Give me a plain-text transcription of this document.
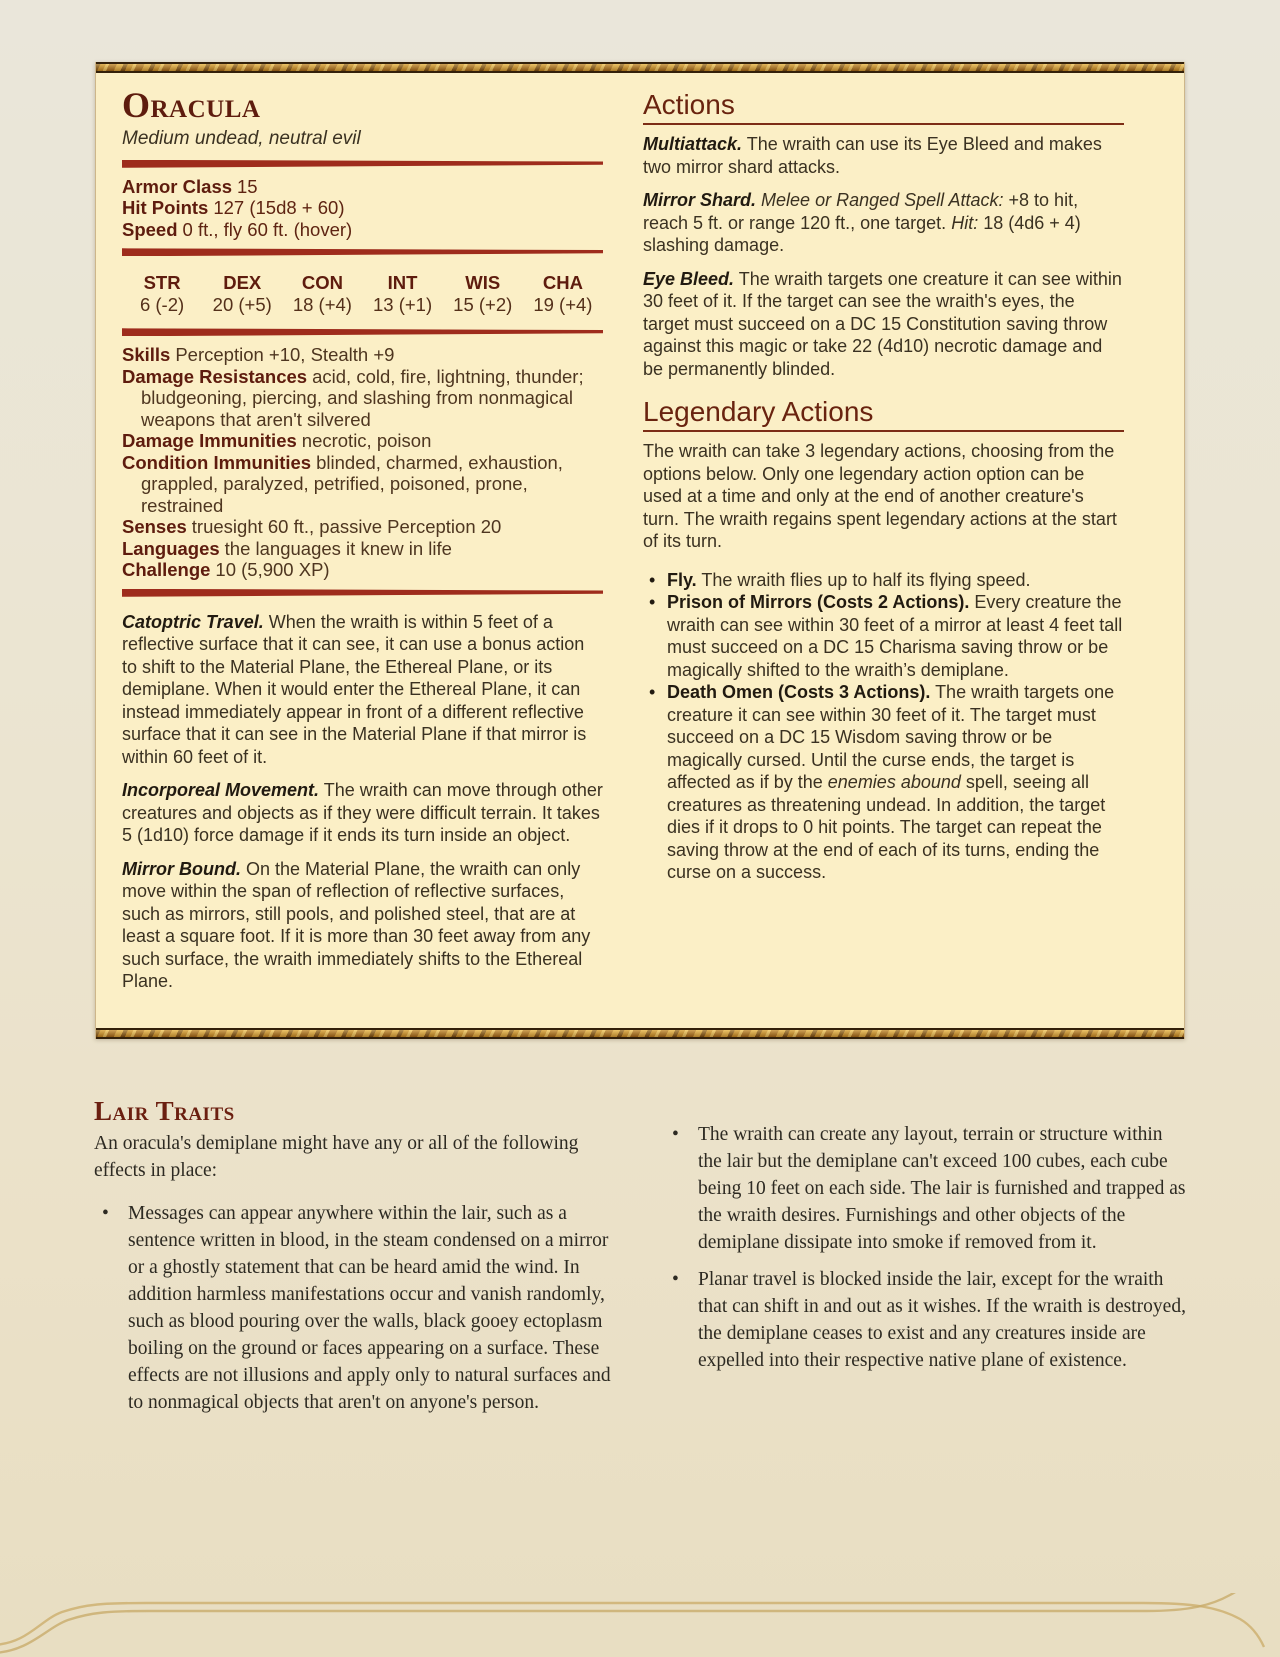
Oracula
Medium undead, neutral evil
Armor Class 15
Hit Points 127 (15d8 + 60)
Speed 0 ft., fly 60 ft. (hover)
STR
6 (-2)
DEX
20 (+5)
CON
18 (+4)
INT
13 (+1)
WIS
15 (+2)
CHA
19 (+4)
Skills Perception +10, Stealth +9
Damage Resistances acid, cold, fire, lightning, thunder; bludgeoning, piercing, and slashing from nonmagical weapons that aren't silvered
Damage Immunities necrotic, poison
Condition Immunities blinded, charmed, exhaustion, grappled, paralyzed, petrified, poisoned, prone, restrained
Senses truesight 60 ft., passive Perception 20
Languages the languages it knew in life
Challenge 10 (5,900 XP)

Catoptric Travel. When the wraith is within 5 feet of a reflective surface that it can see, it can use a bonus action to shift to the Material Plane, the Ethereal Plane, or its demiplane. When it would enter the Ethereal Plane, it can instead immediately appear in front of a different reflective surface that it can see in the Material Plane if that mirror is within 60 feet of it.

Incorporeal Movement. The wraith can move through other creatures and objects as if they were difficult terrain. It takes 5 (1d10) force damage if it ends its turn inside an object.

Mirror Bound. On the Material Plane, the wraith can only move within the span of reflection of reflective surfaces, such as mirrors, still pools, and polished steel, that are at least a square foot. If it is more than 30 feet away from any such surface, the wraith immediately shifts to the Ethereal Plane.

Actions

Multiattack. The wraith can use its Eye Bleed and makes two mirror shard attacks.

Mirror Shard. Melee or Ranged Spell Attack: +8 to hit, reach 5 ft. or range 120 ft., one target. Hit: 18 (4d6 + 4) slashing damage.

Eye Bleed. The wraith targets one creature it can see within 30 feet of it. If the target can see the wraith's eyes, the target must succeed on a DC 15 Constitution saving throw against this magic or take 22 (4d10) necrotic damage and be permanently blinded.

Legendary Actions

The wraith can take 3 legendary actions, choosing from the options below. Only one legendary action option can be used at a time and only at the end of another creature's turn. The wraith regains spent legendary actions at the start of its turn.

• Fly. The wraith flies up to half its flying speed.
• Prison of Mirrors (Costs 2 Actions). Every creature the wraith can see within 30 feet of a mirror at least 4 feet tall must succeed on a DC 15 Charisma saving throw or be magically shifted to the wraith’s demiplane.
• Death Omen (Costs 3 Actions). The wraith targets one creature it can see within 30 feet of it. The target must succeed on a DC 15 Wisdom saving throw or be magically cursed. Until the curse ends, the target is affected as if by the enemies abound spell, seeing all creatures as threatening undead. In addition, the target dies if it drops to 0 hit points. The target can repeat the saving throw at the end of each of its turns, ending the curse on a success.
Lair Traits

An oracula's demiplane might have any or all of the following effects in place:

• Messages can appear anywhere within the lair, such as a sentence written in blood, in the steam condensed on a mirror or a ghostly statement that can be heard amid the wind. In addition harmless manifestations occur and vanish randomly, such as blood pouring over the walls, black gooey ectoplasm boiling on the ground or faces appearing on a surface. These effects are not illusions and apply only to natural surfaces and to nonmagical objects that aren't on anyone's person.
• The wraith can create any layout, terrain or structure within the lair but the demiplane can't exceed 100 cubes, each cube being 10 feet on each side. The lair is furnished and trapped as the wraith desires. Furnishings and other objects of the demiplane dissipate into smoke if removed from it.
• Planar travel is blocked inside the lair, except for the wraith that can shift in and out as it wishes. If the wraith is destroyed, the demiplane ceases to exist and any creatures inside are expelled into their respective native plane of existence.
